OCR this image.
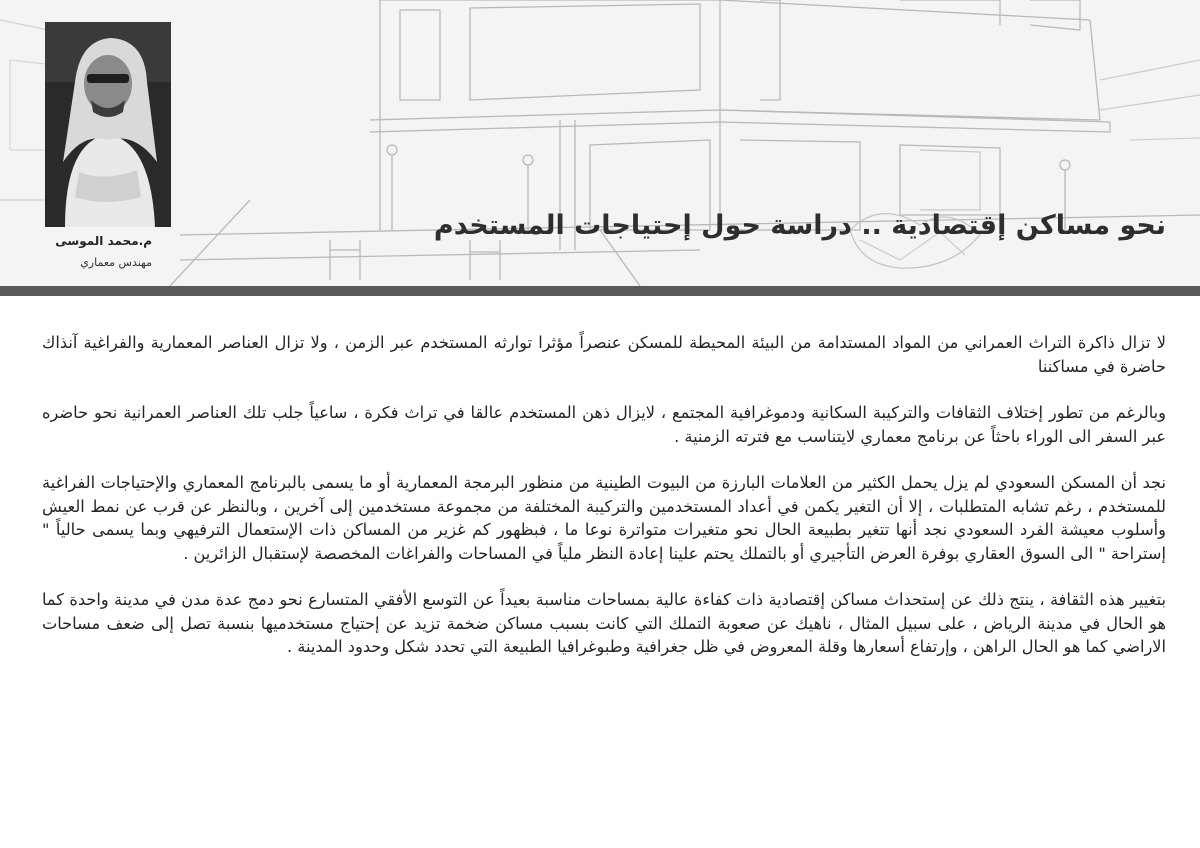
م.محمد الموسى
مهندس معماري
نحو مساكن إقتصادية .. دراسة حول إحتياجات المستخدم

لا تزال ذاكرة التراث العمراني من المواد المستدامة من البيئة المحيطة للمسكن عنصراً مؤثرا توارثه المستخدم عبر الزمن ، ولا تزال العناصر المعمارية والفراغية آنذاك حاضرة في مساكننا

وبالرغم من تطور إختلاف الثقافات والتركيبة السكانية ودموغرافية المجتمع ، لايزال ذهن المستخدم عالقا في تراث فكرة ، ساعياً جلب تلك العناصر العمرانية نحو حاضره عبر السفر الى الوراء باحثاً عن برنامج معماري لايتناسب مع فترته الزمنية .

نجد أن المسكن السعودي لم يزل يحمل الكثير من العلامات البارزة من البيوت الطينية من منظور البرمجة المعمارية أو ما يسمى بالبرنامج المعماري والإحتياجات الفراغية للمستخدم ، رغم تشابه المتطلبات ، إلا أن التغير يكمن في أعداد المستخدمين والتركيبة المختلفة من مجموعة مستخدمين إلى آخرين ، وبالنظر عن قرب عن نمط العيش وأسلوب معيشة الفرد السعودي نجد أنها تتغير بطبيعة الحال نحو متغيرات متواترة نوعا ما ، فبظهور كم غزير من المساكن ذات الإستعمال الترفيهي وبما يسمى حالياً " إستراحة " الى السوق العقاري بوفرة العرض التأجيري أو بالتملك يحتم علينا إعادة النظر ملياً في المساحات والفراغات المخصصة لإستقبال الزائرين .

بتغيير هذه الثقافة ، ينتج ذلك عن إستحداث مساكن إقتصادية ذات كفاءة عالية بمساحات مناسبة بعيداً عن التوسع الأفقي المتسارع نحو دمج عدة مدن في مدينة واحدة كما هو الحال في مدينة الرياض ، على سبيل المثال ، ناهيك عن صعوبة التملك التي كانت بسبب مساكن ضخمة تزيد عن إحتياج مستخدميها بنسبة تصل إلى ضعف مساحات الاراضي كما هو الحال الراهن ، وإرتفاع أسعارها وقلة المعروض في ظل جغرافية وطبوغرافيا الطبيعة التي تحدد شكل وحدود المدينة .
